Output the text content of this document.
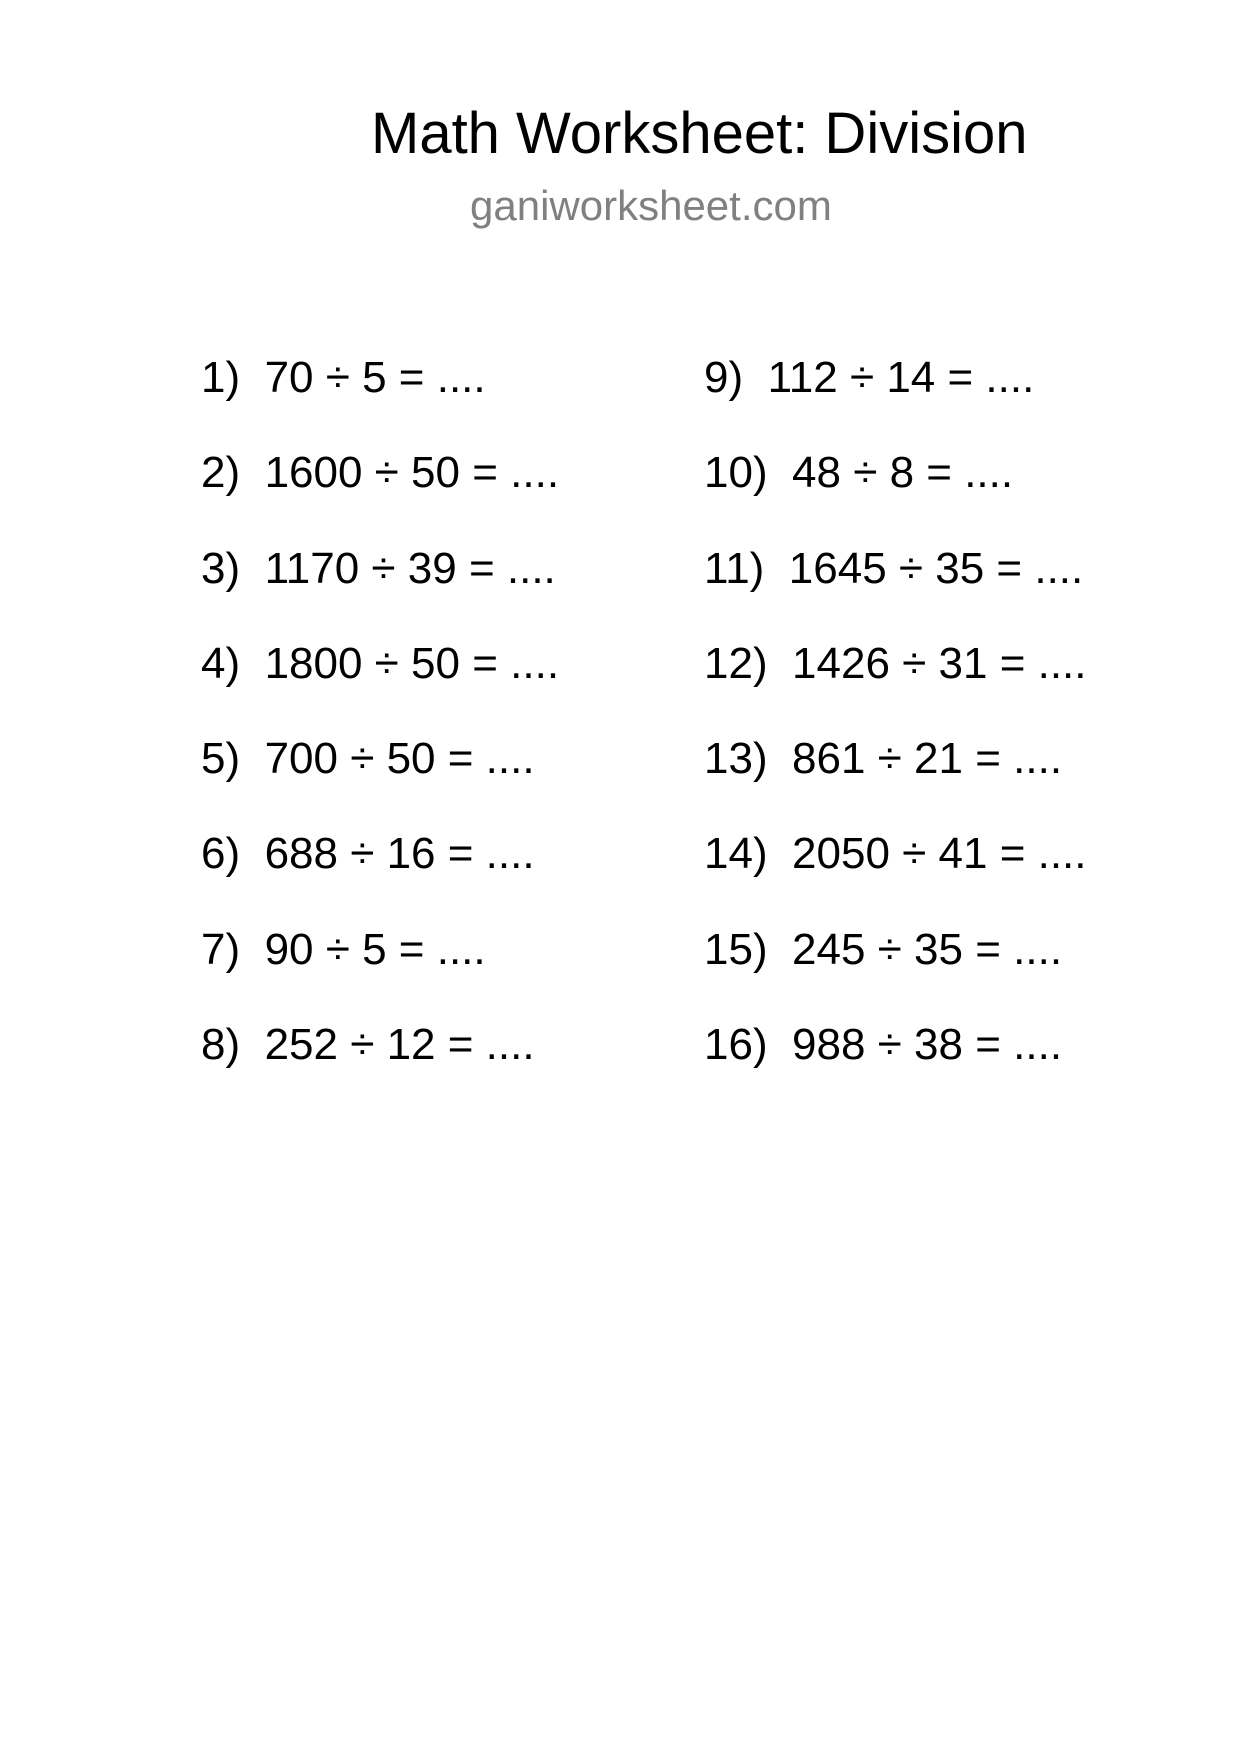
Math Worksheet: Division
ganiworksheet.com
1)  70 ÷ 5 = ....
2)  1600 ÷ 50 = ....
3)  1170 ÷ 39 = ....
4)  1800 ÷ 50 = ....
5)  700 ÷ 50 = ....
6)  688 ÷ 16 = ....
7)  90 ÷ 5 = ....
8)  252 ÷ 12 = ....
9)  112 ÷ 14 = ....
10)  48 ÷ 8 = ....
11)  1645 ÷ 35 = ....
12)  1426 ÷ 31 = ....
13)  861 ÷ 21 = ....
14)  2050 ÷ 41 = ....
15)  245 ÷ 35 = ....
16)  988 ÷ 38 = ....
